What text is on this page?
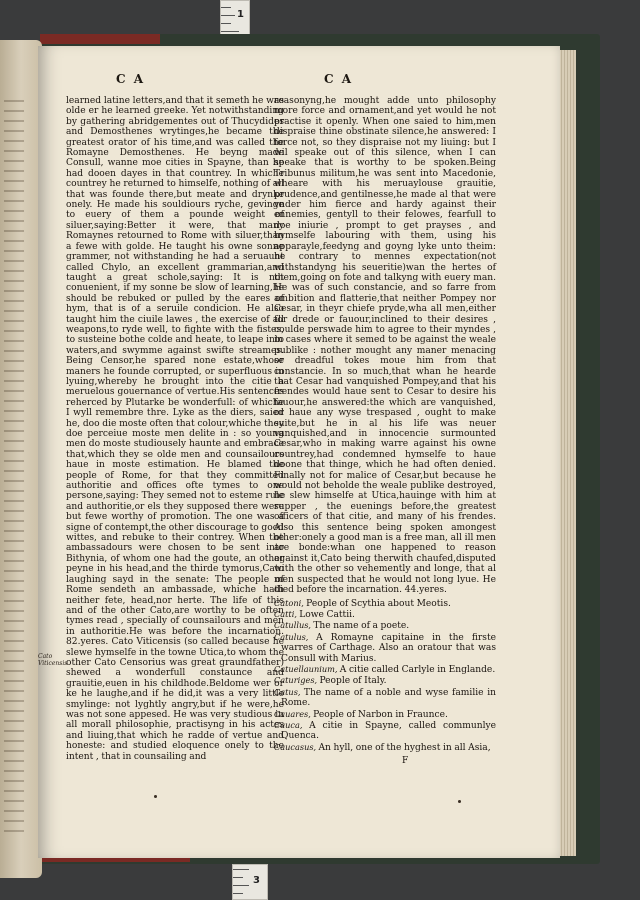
1
3
C A	C A

learned latine letters,and that it semeth he was olde er he learned greeke. Yet notwithstanding by gathering abridgementes out of Thucydides and Demosthenes wrytinges,he became the greatest orator of his time,and was called the Romayne Demosthenes. He beyng made Consull, wanne moe cities in Spayne, than he had dooen dayes in that countrey. In whiche countrey he returned to himselfe, nothing of all that was founde there,but meate and drynke onely. He made his souldiours ryche, gevinge to euery of them a pounde weight of siluer,saying:Better it were, that many Romaynes retourned to Rome with siluer,than a fewe with golde. He taught his owne sonne grammer, not withstanding he had a seruaunt called Chylo, an excellent grammarian,and taught a great schole,saying: It is not conuenient, if my sonne be slow of learning,he should be rebuked or pulled by the eares of hym, that is of a seruile condicion. He also taught him the ciuile lawes , the exercise of all weapons,to ryde well, to fighte with the fistes, to susteine bothe colde and heate, to leape into waters,and swymme against swifte streames. Being Censor,he spared none estate,whose maners he founde corrupted, or superfluous in lyuing,whereby he brought into the citie a meruelous gouernance of vertue.His sentences reherced by Plutarke be wonderfull: of whiche I wyll remembre thre. Lyke as the diers, saied he, doo die moste often that colour,whiche they doe perceiue moste men delite in : so young men do moste studiousely haunte and embrace that,which they se olde men and counsailours haue in moste estimation. He blamed the people of Rome, for that they committed authoritie and offices ofte tymes to one persone,saying: They semed not to esteme rule and authoritie,or els they supposed there were but fewe worthy of promotion. The one was a signe of contempt,the other discourage to good wittes, and rebuke to their contrey. When the ambassadours were chosen to be sent into Bithynia, of whom one had the goute, an other peyne in his head,and the thirde tymorus,Cato laughing sayd in the senate: The people of Rome sendeth an ambassade, whiche hath neither fete, head,nor herte. The life of this and of the other Cato,are worthy to be often tymes read , specially of counsailours and men in authoritie.He was before the incarnation. 82.yeres. Cato Viticensis (so called because he slewe hymselfe in the towne Utica,to whom the other Cato Censorius was great graundfather) shewed a wonderfull constaunce and grauitie,euen in his childhode.Beldome wer or ke he laughe,and if he did,it was a very little smylinge: not lyghtly angry,but if he were,he was not sone appesed. He was very studious in all morall philosophie, practisyng in his actes and liuing,that which he radde of vertue and honeste: and studied eloquence onely to the intent , that in counsailing and

Cato Viticensis

reasonyng,he mought adde unto philosophy more force and ornament,and yet would he not practise it openly. When one saied to him,men dispraise thine obstinate silence,he answered: I force not, so they dispraise not my liuing: but I wil speake out of this silence, when I can speake that is worthy to be spoken.Being Tribunus militum,he was sent into Macedonie, wheare with his meruaylouse grauitie, prudence,and gentilnesse,he made al that were vnder him fierce and hardy against their ennemies, gentyll to their felowes, fearfull to doe iniurie , prompt to get prayses , and hymselfe labouring with them, using his apparayle,feedyng and goyng lyke unto theim: he contrary to mennes expectation(not withstandyng his seueritie)wan the hertes of them,going on fote and talkyng with euery man. He was of such constancie, and so farre from ambition and flatterie,that neither Pompey nor Cesar, in theyr chiefe pryde,wha all men,either for drede or fauour,inclined to their desires , coulde perswade him to agree to their myndes , in cases where it semed to be against the weale publike : nother mought any maner menacing or dreadful tokes moue him from that constancie. In so much,that whan he hearde that Cesar had vanquished Pompey,and that his frendes would haue sent to Cesar to desire his fauour,he answered:the which are vanquished, or haue any wyse trespased , ought to make suite,but he in al his life was neuer vanquished,and in innocencie surmounted Cesar,who in making warre against his owne countrey,had condemned hymselfe to haue doone that thinge, which he had often denied. Finally not for malice of Cesar,but because he would not beholde the weale publike destroyed, he slew himselfe at Utica,hauinge with him at supper , the euenings before,the greatest officers of that citie, and many of his frendes. Also this sentence being spoken amongest other:onely a good man is a free man, all ill men are bonde:whan one happened to reason against it,Cato being therwith chaufed,disputed with the other so vehemently and longe, that al men suspected that he would not long lyue. He died before the incarnation. 44.yeres.

Catoni, People of Scythia about Meotis.

Catti, Lowe Cattii.

Catullus, The name of a poete.

Catulus, A Romayne capitaine in the firste warres of Carthage. Also an oratour that was Consull with Marius.

Catuellaunium, A citie called Carlyle in Englande.

Caturiges, People of Italy.

Catus, The name of a noble and wyse familie in Rome.

Cauares, People of Narbon in Fraunce.

Cauca, A citie in Spayne, called communlye Quenca.

Caucasus, An hyll, one of the hyghest in all Asia,

F
